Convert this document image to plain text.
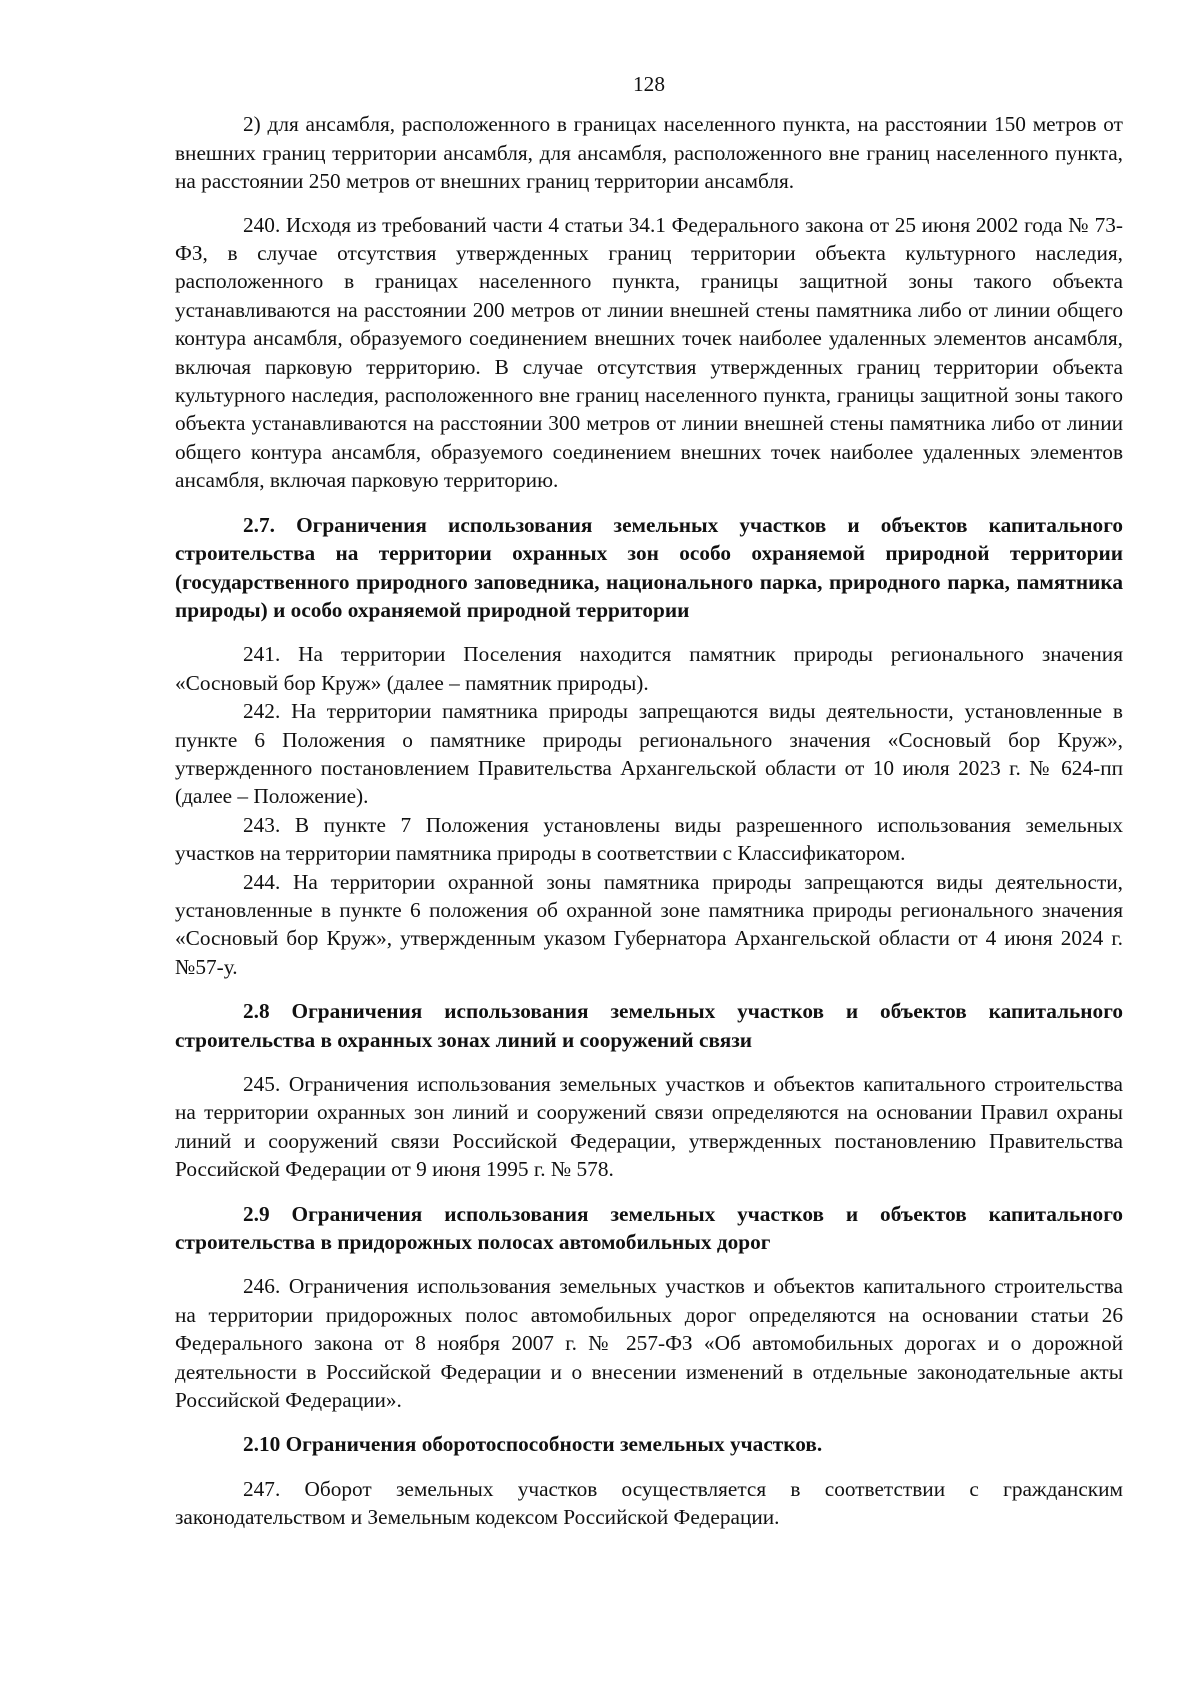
128

2) для ансамбля, расположенного в границах населенного пункта, на расстоянии 150 метров от внешних границ территории ансамбля, для ансамбля, расположенного вне границ населенного пункта, на расстоянии 250 метров от внешних границ территории ансамбля.

240. Исходя из требований части 4 статьи 34.1 Федерального закона от 25 июня 2002 года № 73-ФЗ, в случае отсутствия утвержденных границ территории объекта культурного наследия, расположенного в границах населенного пункта, границы защитной зоны такого объекта устанавливаются на расстоянии 200 метров от линии внешней стены памятника либо от линии общего контура ансамбля, образуемого соединением внешних точек наиболее удаленных элементов ансамбля, включая парковую территорию. В случае отсутствия утвержденных границ территории объекта культурного наследия, расположенного вне границ населенного пункта, границы защитной зоны такого объекта устанавливаются на расстоянии 300 метров от линии внешней стены памятника либо от линии общего контура ансамбля, образуемого соединением внешних точек наиболее удаленных элементов ансамбля, включая парковую территорию.

2.7. Ограничения использования земельных участков и объектов капитального строительства на территории охранных зон особо охраняемой природной территории (государственного природного заповедника, национального парка, природного парка, памятника природы) и особо охраняемой природной территории

241. На территории Поселения находится памятник природы регионального значения «Сосновый бор Круж» (далее – памятник природы).

242. На территории памятника природы запрещаются виды деятельности, установленные в пункте 6 Положения о памятнике природы регионального значения «Сосновый бор Круж», утвержденного постановлением Правительства Архангельской области от 10 июля 2023 г. № 624-пп (далее – Положение).

243. В пункте 7 Положения установлены виды разрешенного использования земельных участков на территории памятника природы в соответствии с Классификатором.

244. На территории охранной зоны памятника природы запрещаются виды деятельности, установленные в пункте 6 положения об охранной зоне памятника природы регионального значения «Сосновый бор Круж», утвержденным указом Губернатора Архангельской области от 4 июня 2024 г. №57-у.

2.8 Ограничения использования земельных участков и объектов капитального строительства в охранных зонах линий и сооружений связи

245. Ограничения использования земельных участков и объектов капитального строительства на территории охранных зон линий и сооружений связи определяются на основании Правил охраны линий и сооружений связи Российской Федерации, утвержденных постановлению Правительства Российской Федерации от 9 июня 1995 г. № 578.

2.9 Ограничения использования земельных участков и объектов капитального строительства в придорожных полосах автомобильных дорог

246. Ограничения использования земельных участков и объектов капитального строительства на территории придорожных полос автомобильных дорог определяются на основании статьи 26 Федерального закона от 8 ноября 2007 г. № 257-ФЗ «Об автомобильных дорогах и о дорожной деятельности в Российской Федерации и о внесении изменений в отдельные законодательные акты Российской Федерации».

2.10 Ограничения оборотоспособности земельных участков.

247. Оборот земельных участков осуществляется в соответствии с гражданским законодательством и Земельным кодексом Российской Федерации.
